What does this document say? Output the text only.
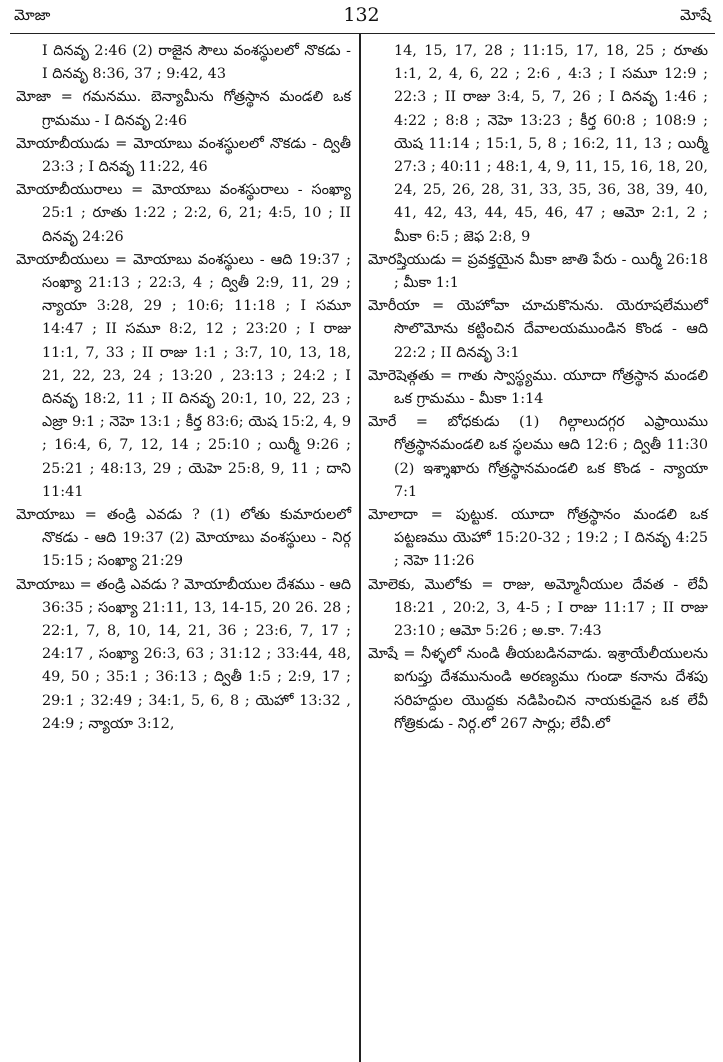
మోజా	132	మోషే

I దినవృ 2:46 (2) రాజైన సౌలు వంశస్థులలో నొకడు - I దినవృ 8:36, 37 ; 9:42, 43

మోజా = గమనము. బెన్యామీను గోత్రస్థాన మండలి ఒక గ్రామము - I దినవృ 2:46

మోయాబీయుడు = మోయాబు వంశస్థులలో నొకడు - ద్వితీ 23:3 ; I దినవృ 11:22, 46

మోయాబీయురాలు = మోయాబు వంశస్థురాలు - సంఖ్యా 25:1 ; రూతు 1:22 ; 2:2, 6, 21; 4:5, 10 ; II దినవృ 24:26

మోయాబీయులు = మోయాబు వంశస్థులు - ఆది 19:37 ; సంఖ్యా 21:13 ; 22:3, 4 ; ద్వితీ 2:9, 11, 29 ; న్యాయా 3:28, 29 ; 10:6; 11:18 ; I సమూ 14:47 ; II సమూ 8:2, 12 ; 23:20 ; I రాజు 11:1, 7, 33 ; II రాజు 1:1 ; 3:7, 10, 13, 18, 21, 22, 23, 24 ; 13:20 , 23:13 ; 24:2 ; I దినవృ 18:2, 11 ; II దినవృ 20:1, 10, 22, 23 ; ఎజ్రా 9:1 ; నెహె 13:1 ; కీర్త 83:6; యెష 15:2, 4, 9 ; 16:4, 6, 7, 12, 14 ; 25:10 ; యిర్మీ 9:26 ; 25:21 ; 48:13, 29 ; యెహె 25:8, 9, 11 ; దాని 11:41

మోయాబు = తండ్రి ఎవడు ? (1) లోతు కుమారులలో నొకడు - ఆది 19:37 (2) మోయాబు వంశస్థులు - నిర్గ 15:15 ; సంఖ్యా 21:29

మోయాబు = తండ్రి ఎవడు ? మోయాబీయుల దేశము - ఆది 36:35 ; సంఖ్యా 21:11, 13, 14-15, 20 26. 28 ; 22:1, 7, 8, 10, 14, 21, 36 ; 23:6, 7, 17 ; 24:17 , సంఖ్యా 26:3, 63 ; 31:12 ; 33:44, 48, 49, 50 ; 35:1 ; 36:13 ; ద్వితీ 1:5 ; 2:9, 17 ; 29:1 ; 32:49 ; 34:1, 5, 6, 8 ; యెహో 13:32 , 24:9 ; న్యాయా 3:12,

14, 15, 17, 28 ; 11:15, 17, 18, 25 ; రూతు 1:1, 2, 4, 6, 22 ; 2:6 , 4:3 ; I సమూ 12:9 ; 22:3 ; II రాజు 3:4, 5, 7, 26 ; I దినవృ 1:46 ; 4:22 ; 8:8 ; నెహె 13:23 ; కీర్త 60:8 ; 108:9 ; యెష 11:14 ; 15:1, 5, 8 ; 16:2, 11, 13 ; యిర్మీ 27:3 ; 40:11 ; 48:1, 4, 9, 11, 15, 16, 18, 20, 24, 25, 26, 28, 31, 33, 35, 36, 38, 39, 40, 41, 42, 43, 44, 45, 46, 47 ; ఆమో 2:1, 2 ; మీకా 6:5 ; జెఫ 2:8, 9

మోరష్తియుడు = ప్రవక్తయైన మీకా జాతి పేరు - యిర్మీ 26:18 ; మీకా 1:1

మోరీయా = యెహోవా చూచుకొనును. యెరూషలేములో సొలొమోను కట్టించిన దేవాలయముండిన కొండ - ఆది 22:2 ; II దినవృ 3:1

మోరెషెత్గతు = గాతు స్వాస్థ్యము. యూదా గోత్రస్థాన మండలి ఒక గ్రామము - మీకా 1:14

మోరే = బోధకుడు (1) గిల్గాలుదగ్గర ఎఫ్రాయిము గోత్రస్థానమండలి ఒక స్థలము ఆది 12:6 ; ద్వితీ 11:30 (2) ఇశ్శాఖారు గోత్రస్థానమండలి ఒక కొండ - న్యాయా 7:1

మోలాదా = పుట్టుక. యూదా గోత్రస్థానం మండలి ఒక పట్టణము యెహో 15:20-32 ; 19:2 ; I దినవృ 4:25 ; నెహె 11:26

మోలెకు, మొలోకు = రాజు, అమ్మోనీయుల దేవత - లేవీ 18:21 , 20:2, 3, 4-5 ; I రాజు 11:17 ; II రాజు 23:10 ; ఆమో 5:26 ; అ.కా. 7:43

మోషే = నీళ్ళలో నుండి తీయబడినవాడు. ఇశ్రాయేలీయులను ఐగుప్తు దేశమునుండి అరణ్యము గుండా కనాను దేశపు సరిహద్దుల యొద్దకు నడిపించిన నాయకుడైన ఒక లేవీ గోత్రికుడు - నిర్గ.లో 267 సార్లు; లేవీ.లో
